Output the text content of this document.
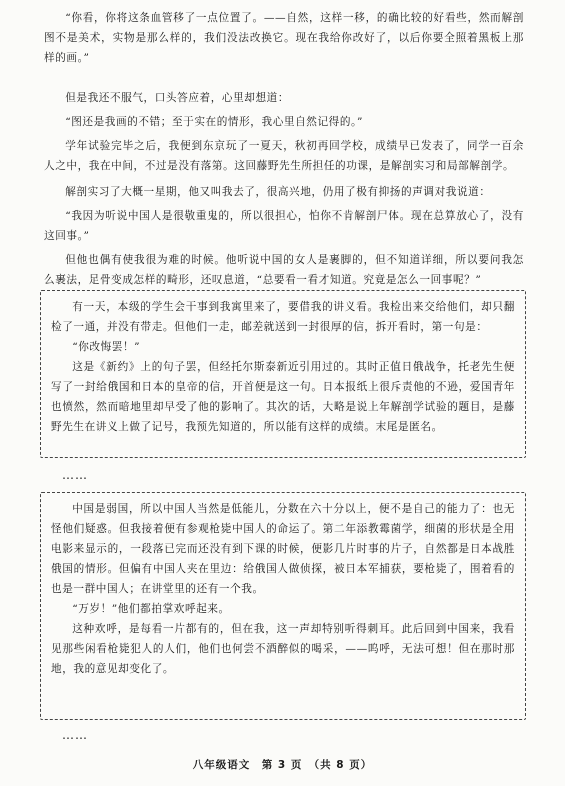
“你看，你将这条血管移了一点位置了。——自然，这样一移，的确比较的好看些，然而解剖图不是美术，实物是那么样的，我们没法改换它。现在我给你改好了，以后你要全照着黑板上那样的画。”

但是我还不服气，口头答应着，心里却想道：

“图还是我画的不错；至于实在的情形，我心里自然记得的。”

学年试验完毕之后，我便到东京玩了一夏天，秋初再回学校，成绩早已发表了，同学一百余人之中，我在中间，不过是没有落第。这回藤野先生所担任的功课，是解剖实习和局部解剖学。

解剖实习了大概一星期，他又叫我去了，很高兴地，仍用了极有抑扬的声调对我说道：

“我因为听说中国人是很敬重鬼的，所以很担心，怕你不肯解剖尸体。现在总算放心了，没有这回事。”

但他也偶有使我很为难的时候。他听说中国的女人是裹脚的，但不知道详细，所以要问我怎么裹法，足骨变成怎样的畸形，还叹息道，“总要看一看才知道。究竟是怎么一回事呢？”

有一天，本级的学生会干事到我寓里来了，要借我的讲义看。我检出来交给他们，却只翻检了一通，并没有带走。但他们一走，邮差就送到一封很厚的信，拆开看时，第一句是：

“你改悔罢！”

这是《新约》上的句子罢，但经托尔斯泰新近引用过的。其时正值日俄战争，托老先生便写了一封给俄国和日本的皇帝的信，开首便是这一句。日本报纸上很斥责他的不逊，爱国青年也愤然，然而暗地里却早受了他的影响了。其次的话，大略是说上年解剖学试验的题目，是藤野先生在讲义上做了记号，我预先知道的，所以能有这样的成绩。末尾是匿名。

……

中国是弱国，所以中国人当然是低能儿，分数在六十分以上，便不是自己的能力了：也无怪他们疑惑。但我接着便有参观枪毙中国人的命运了。第二年添教霉菌学，细菌的形状是全用电影来显示的，一段落已完而还没有到下课的时候，便影几片时事的片子，自然都是日本战胜俄国的情形。但偏有中国人夹在里边：给俄国人做侦探，被日本军捕获，要枪毙了，围着看的也是一群中国人；在讲堂里的还有一个我。

“万岁！”他们都拍掌欢呼起来。

这种欢呼，是每看一片都有的，但在我，这一声却特别听得刺耳。此后回到中国来，我看见那些闲看枪毙犯人的人们，他们也何尝不酒醉似的喝采，——呜呼，无法可想！但在那时那地，我的意见却变化了。

……
八年级语文　第 3 页　（共 8 页）
